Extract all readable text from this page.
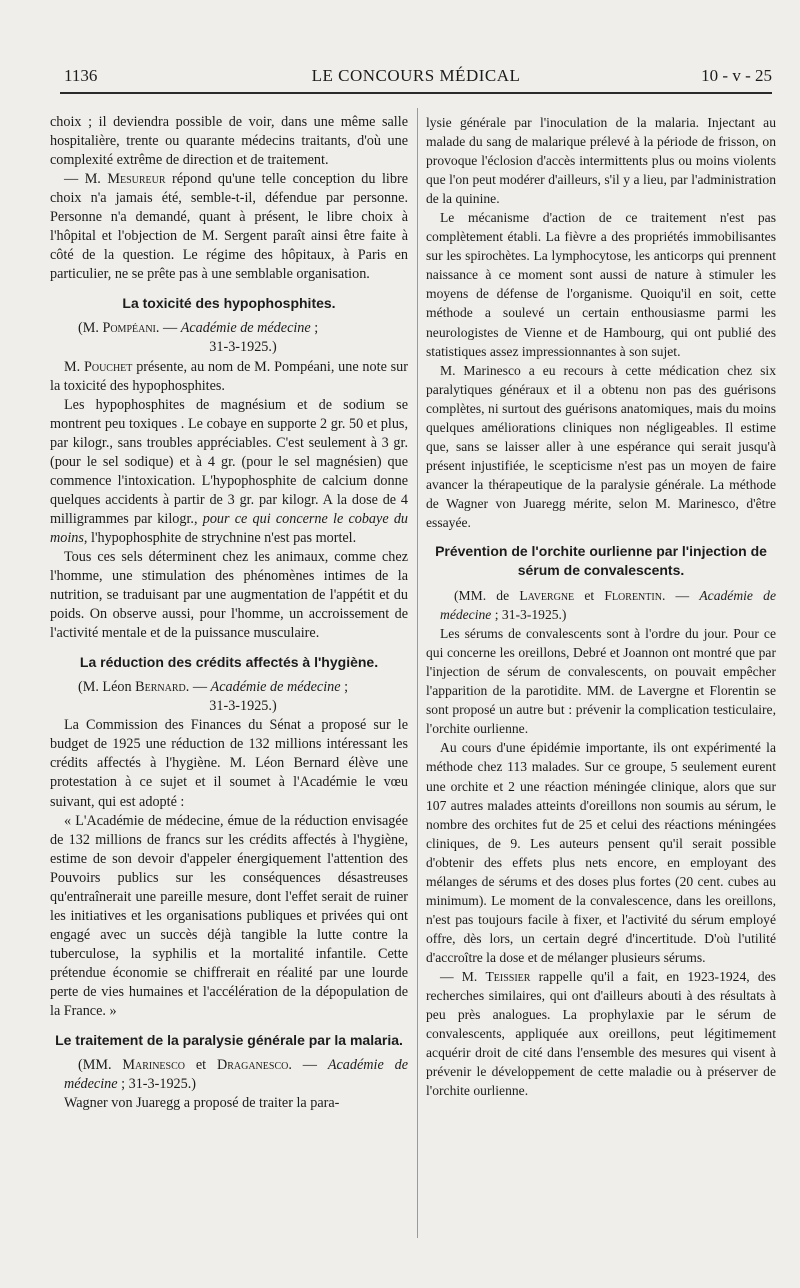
1136	LE CONCOURS MÉDICAL	10 - v - 25

choix ; il deviendra possible de voir, dans une même salle hospitalière, trente ou quarante médecins traitants, d'où une complexité extrême de direction et de traitement.

— M. Mesureur répond qu'une telle conception du libre choix n'a jamais été, semble-t-il, défendue par personne. Personne n'a demandé, quant à présent, le libre choix à l'hôpital et l'objection de M. Sergent paraît ainsi être faite à côté de la question. Le régime des hôpitaux, à Paris en particulier, ne se prête pas à une semblable organisation.

La toxicité des hypophosphites.

(M. Pompéani. — Académie de médecine ;
31-3-1925.)

M. Pouchet présente, au nom de M. Pompéani, une note sur la toxicité des hypophosphites.

Les hypophosphites de magnésium et de sodium se montrent peu toxiques . Le cobaye en supporte 2 gr. 50 et plus, par kilogr., sans troubles appréciables. C'est seulement à 3 gr. (pour le sel sodique) et à 4 gr. (pour le sel magnésien) que commence l'intoxication. L'hypophosphite de calcium donne quelques accidents à partir de 3 gr. par kilogr. A la dose de 4 milligrammes par kilogr., pour ce qui concerne le cobaye du moins, l'hypophosphite de strychnine n'est pas mortel.

Tous ces sels déterminent chez les animaux, comme chez l'homme, une stimulation des phénomènes intimes de la nutrition, se traduisant par une augmentation de l'appétit et du poids. On observe aussi, pour l'homme, un accroissement de l'activité mentale et de la puissance musculaire.

La réduction des crédits affectés à l'hygiène.

(M. Léon Bernard. — Académie de médecine ;
31-3-1925.)

La Commission des Finances du Sénat a proposé sur le budget de 1925 une réduction de 132 millions intéressant les crédits affectés à l'hygiène. M. Léon Bernard élève une protestation à ce sujet et il soumet à l'Académie le vœu suivant, qui est adopté :

« L'Académie de médecine, émue de la réduction envisagée de 132 millions de francs sur les crédits affectés à l'hygiène, estime de son devoir d'appeler énergiquement l'attention des Pouvoirs publics sur les conséquences désastreuses qu'entraînerait une pareille mesure, dont l'effet serait de ruiner les initiatives et les organisations publiques et privées qui ont engagé avec un succès déjà tangible la lutte contre la tuberculose, la syphilis et la mortalité infantile. Cette prétendue économie se chiffrerait en réalité par une lourde perte de vies humaines et l'accélération de la dépopulation de la France. »

Le traitement de la paralysie générale par la malaria.

(MM. Marinesco et Draganesco. — Académie de médecine ; 31-3-1925.)

Wagner von Juaregg a proposé de traiter la para-

lysie générale par l'inoculation de la malaria. Injectant au malade du sang de malarique prélevé à la période de frisson, on provoque l'éclosion d'accès intermittents plus ou moins violents que l'on peut modérer d'ailleurs, s'il y a lieu, par l'administration de la quinine.

Le mécanisme d'action de ce traitement n'est pas complètement établi. La fièvre a des propriétés immobilisantes sur les spirochètes. La lymphocytose, les anticorps qui prennent naissance à ce moment sont aussi de nature à stimuler les moyens de défense de l'organisme. Quoiqu'il en soit, cette méthode a soulevé un certain enthousiasme parmi les neurologistes de Vienne et de Hambourg, qui ont publié des statistiques assez impressionnantes à son sujet.

M. Marinesco a eu recours à cette médication chez six paralytiques généraux et il a obtenu non pas des guérisons complètes, ni surtout des guérisons anatomiques, mais du moins quelques améliorations cliniques non négligeables. Il estime que, sans se laisser aller à une espérance qui serait jusqu'à présent injustifiée, le scepticisme n'est pas un moyen de faire avancer la thérapeutique de la paralysie générale. La méthode de Wagner von Juaregg mérite, selon M. Marinesco, d'être essayée.

Prévention de l'orchite ourlienne par l'injection de sérum de convalescents.

(MM. de Lavergne et Florentin. — Académie de médecine ; 31-3-1925.)

Les sérums de convalescents sont à l'ordre du jour. Pour ce qui concerne les oreillons, Debré et Joannon ont montré que par l'injection de sérum de convalescents, on pouvait empêcher l'apparition de la parotidite. MM. de Lavergne et Florentin se sont proposé un autre but : prévenir la complication testiculaire, l'orchite ourlienne.

Au cours d'une épidémie importante, ils ont expérimenté la méthode chez 113 malades. Sur ce groupe, 5 seulement eurent une orchite et 2 une réaction méningée clinique, alors que sur 107 autres malades atteints d'oreillons non soumis au sérum, le nombre des orchites fut de 25 et celui des réactions méningées cliniques, de 9. Les auteurs pensent qu'il serait possible d'obtenir des effets plus nets encore, en employant des mélanges de sérums et des doses plus fortes (20 cent. cubes au minimum). Le moment de la convalescence, dans les oreillons, n'est pas toujours facile à fixer, et l'activité du sérum employé offre, dès lors, un certain degré d'incertitude. D'où l'utilité d'accroître la dose et de mélanger plusieurs sérums.

— M. Teissier rappelle qu'il a fait, en 1923-1924, des recherches similaires, qui ont d'ailleurs abouti à des résultats à peu près analogues. La prophylaxie par le sérum de convalescents, appliquée aux oreillons, peut légitimement acquérir droit de cité dans l'ensemble des mesures qui visent à prévenir le développement de cette maladie ou à préserver de l'orchite ourlienne.
